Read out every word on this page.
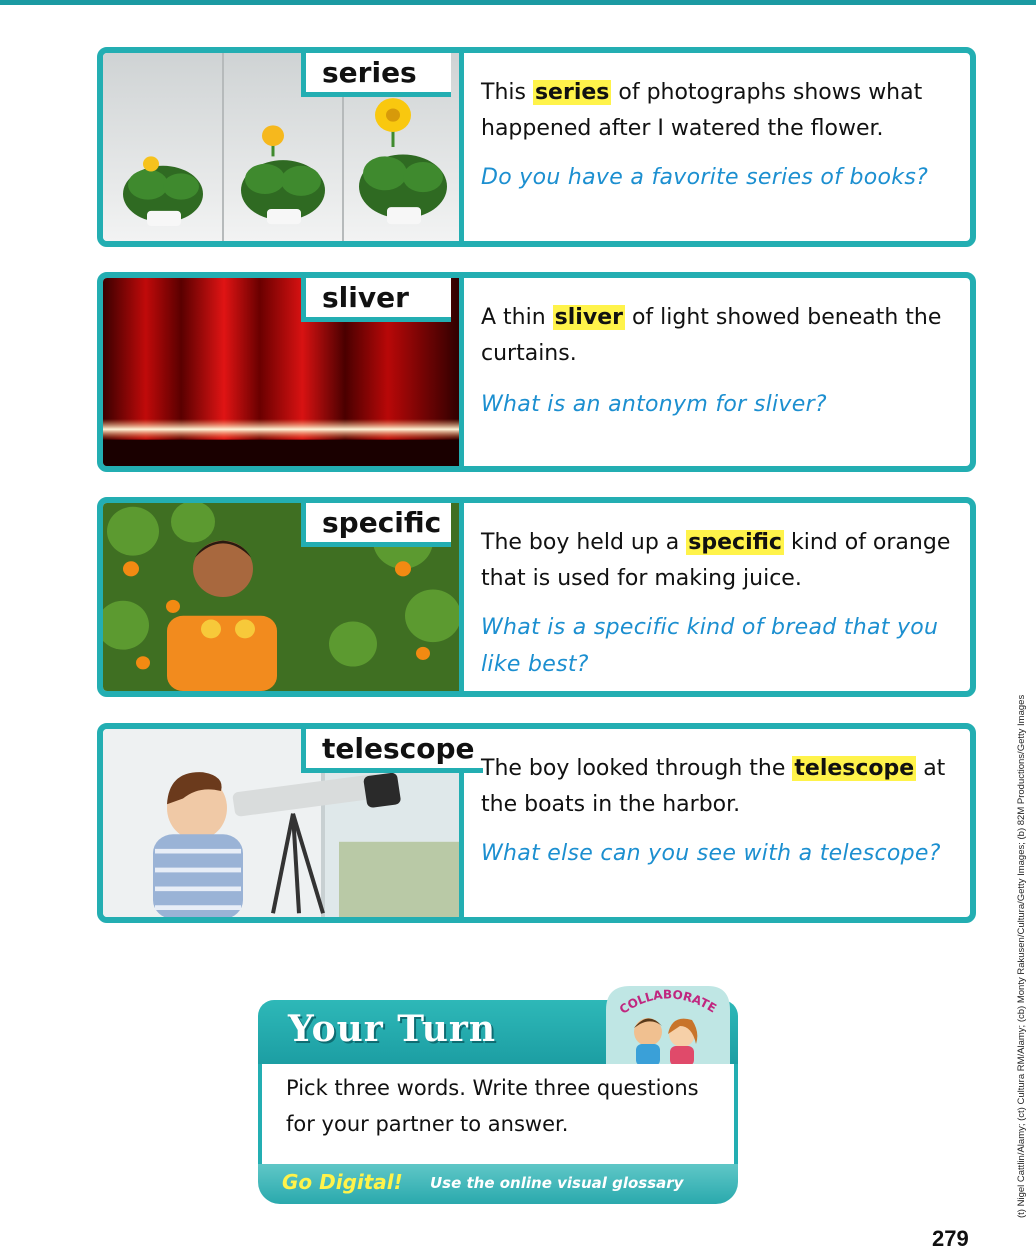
series
This series of photographs shows what happened after I watered the flower.
Do you have a favorite series of books?
sliver
A thin sliver of light showed beneath the curtains.
What is an antonym for sliver?
specific
The boy held up a specific kind of orange that is used for making juice.
What is a specific kind of bread that you like best?
telescope
The boy looked through the telescope at the boats in the harbor.
What else can you see with a telescope?
Your Turn	COLLABORATE
Pick three words. Write three questions for your partner to answer.
Go Digital! Use the online visual glossary	(t) Nigel Cattlin/Alamy; (ct) Cultura RM/Alamy; (cb) Monty Rakusen/Cultura/Getty Images; (b) 82M Productions/Getty Images
279
